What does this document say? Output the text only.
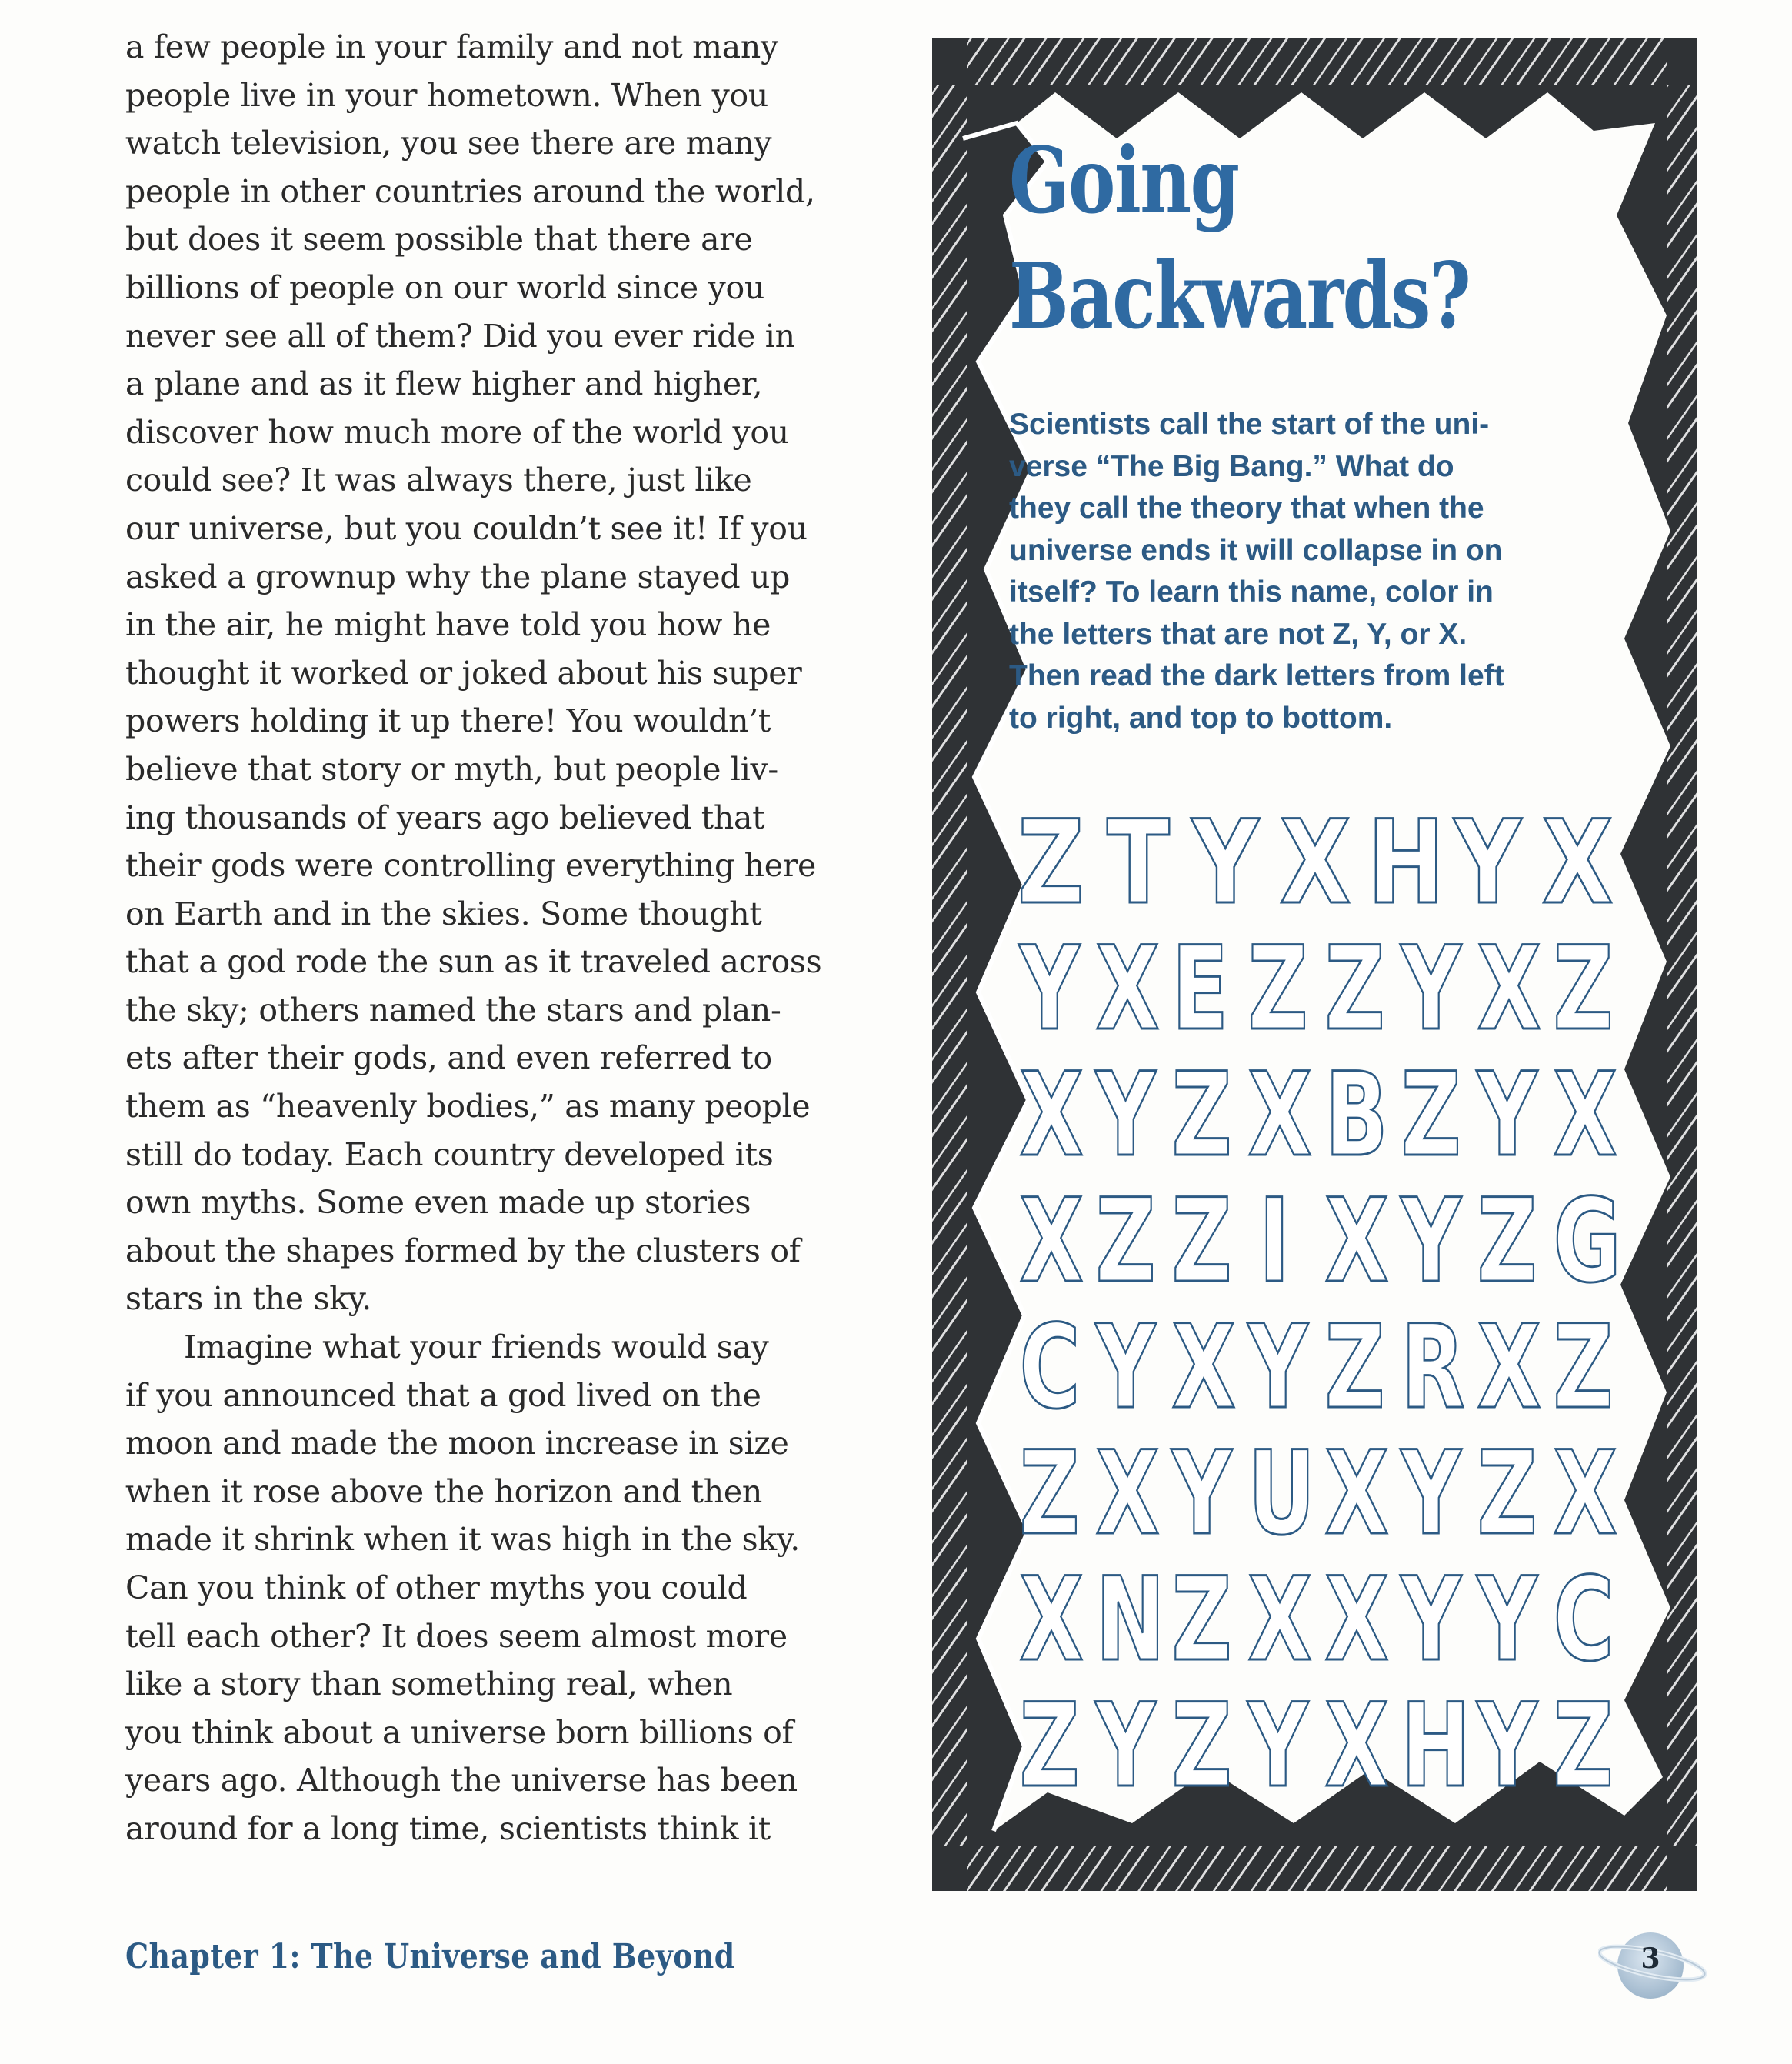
a few people in your family and not many
people live in your hometown. When you
watch television, you see there are many
people in other countries around the world,
but does it seem possible that there are
billions of people on our world since you
never see all of them? Did you ever ride in
a plane and as it flew higher and higher,
discover how much more of the world you
could see? It was always there, just like
our universe, but you couldn’t see it! If you
asked a grownup why the plane stayed up
in the air, he might have told you how he
thought it worked or joked about his super
powers holding it up there! You wouldn’t
believe that story or myth, but people liv-
ing thousands of years ago believed that
their gods were controlling everything here
on Earth and in the skies. Some thought
that a god rode the sun as it traveled across
the sky; others named the stars and plan-
ets after their gods, and even referred to
them as “heavenly bodies,” as many people
still do today. Each country developed its
own myths. Some even made up stories
about the shapes formed by the clusters of
stars in the sky.
Imagine what your friends would say
if you announced that a god lived on the
moon and made the moon increase in size
when it rose above the horizon and then
made it shrink when it was high in the sky.
Can you think of other myths you could
tell each other? It does seem almost more
like a story than something real, when
you think about a universe born billions of
years ago. Although the universe has been
around for a long time, scientists think it
Going
Backwards?
Scientists call the start of the uni-
verse “The Big Bang.” What do
they call the theory that when the
universe ends it will collapse in on
itself? To learn this name, color in
the letters that are not Z, Y, or X.
Then read the dark letters from left
to right, and top to bottom.
Z T Y X H Y X
Y X E Z Z Y X Z
X Y Z X B Z Y X
X Z Z I X Y Z G
C Y X Y Z R X Z
Z X Y U X Y Z X
X N Z X X Y Y C
Z Y Z Y X H Y Z
Chapter 1: The Universe and Beyond	3
